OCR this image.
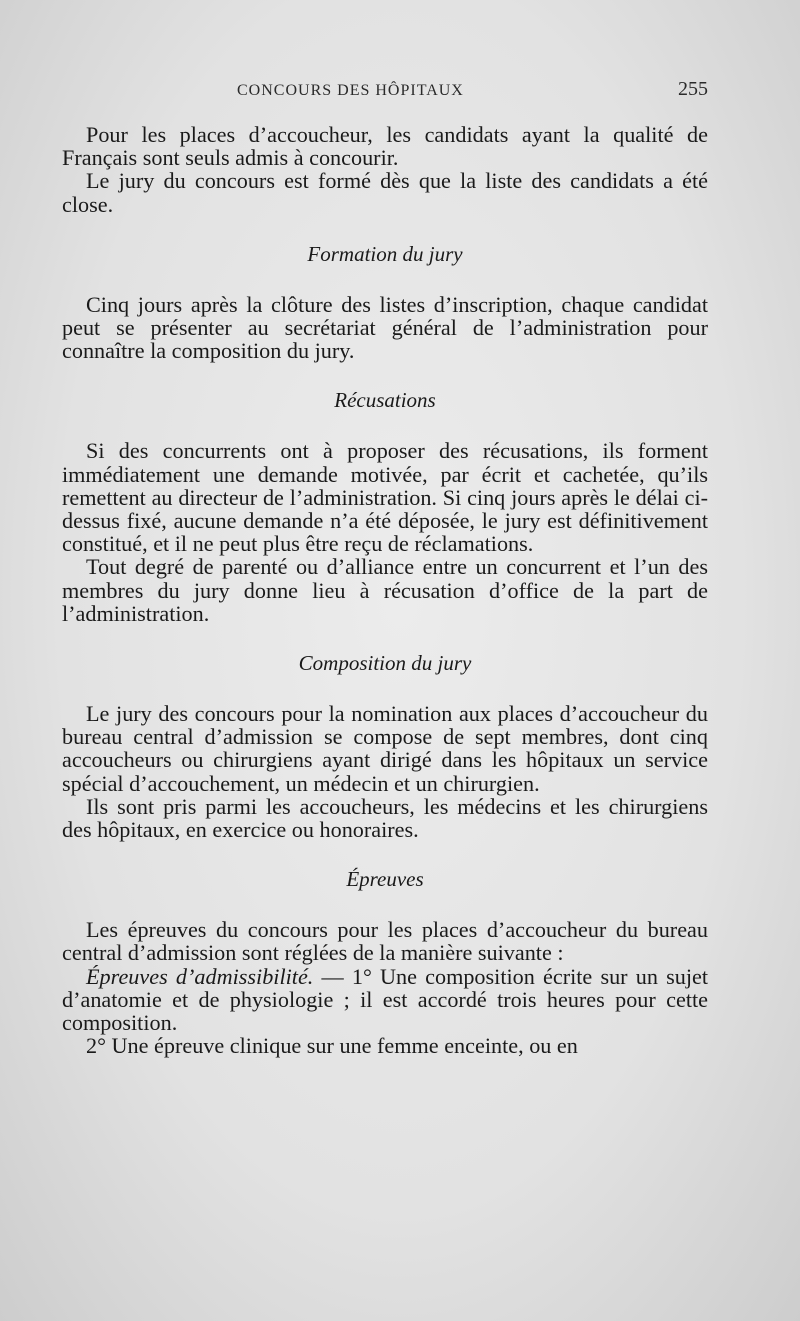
CONCOURS DES HÔPITAUX	255

Pour les places d’accoucheur, les candidats ayant la qualité de Français sont seuls admis à concourir.

Le jury du concours est formé dès que la liste des candidats a été close.

Formation du jury

Cinq jours après la clôture des listes d’inscription, chaque candidat peut se présenter au secrétariat général de l’administration pour connaître la composition du jury.

Récusations

Si des concurrents ont à proposer des récusations, ils forment immédiatement une demande motivée, par écrit et cachetée, qu’ils remettent au directeur de l’administration. Si cinq jours après le délai ci-dessus fixé, aucune demande n’a été déposée, le jury est définitivement constitué, et il ne peut plus être reçu de réclamations.

Tout degré de parenté ou d’alliance entre un concurrent et l’un des membres du jury donne lieu à récusation d’office de la part de l’administration.

Composition du jury

Le jury des concours pour la nomination aux places d’accoucheur du bureau central d’admission se compose de sept membres, dont cinq accoucheurs ou chirurgiens ayant dirigé dans les hôpitaux un service spécial d’accouchement, un médecin et un chirurgien.

Ils sont pris parmi les accoucheurs, les médecins et les chirurgiens des hôpitaux, en exercice ou honoraires.

Épreuves

Les épreuves du concours pour les places d’accoucheur du bureau central d’admission sont réglées de la manière suivante :

Épreuves d’admissibilité. — 1° Une composition écrite sur un sujet d’anatomie et de physiologie ; il est accordé trois heures pour cette composition.

2° Une épreuve clinique sur une femme enceinte, ou en
